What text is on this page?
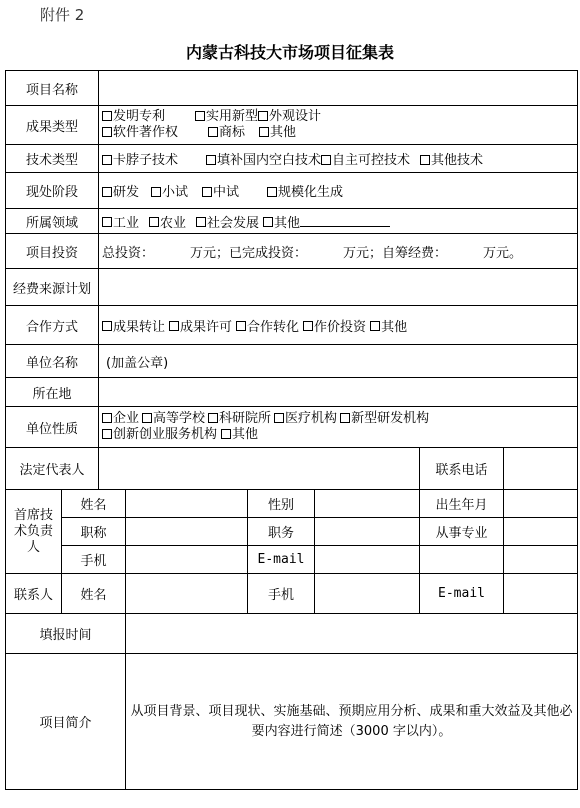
附件 2
内蒙古科技大市场项目征集表
项目名称							
成果类型		发明专利 实用新型 外观设计
软件著作权 商标 其他					
技术类型		卡脖子技术 填补国内空白技术 自主可控技术 其他技术					
现处阶段		研发 小试 中试 规模化生成					
所属领域		工业 农业 社会发展 其他					
项目投资		总投资： 万元；已完成投资： 万元；自筹经费： 万元。					
经费来源计划							
合作方式		成果转让 成果许可 合作转化 作价投资 其他					
单位名称		(加盖公章)					
所在地							
单位性质		企业 高等学校 科研院所 医疗机构 新型研发机构
创新创业服务机构 其他					
法定代表人						联系电话	
首席技术负责人	姓名			性别		出生年月	
	职称			职务		从事专业	
	手机			E-mail			
联系人	姓名			手机		E-mail	
填报时间							
项目简介			从项目背景、项目现状、实施基础、预期应用分析、成果和重大效益及其他必要内容进行简述（3000 字以内）。				
